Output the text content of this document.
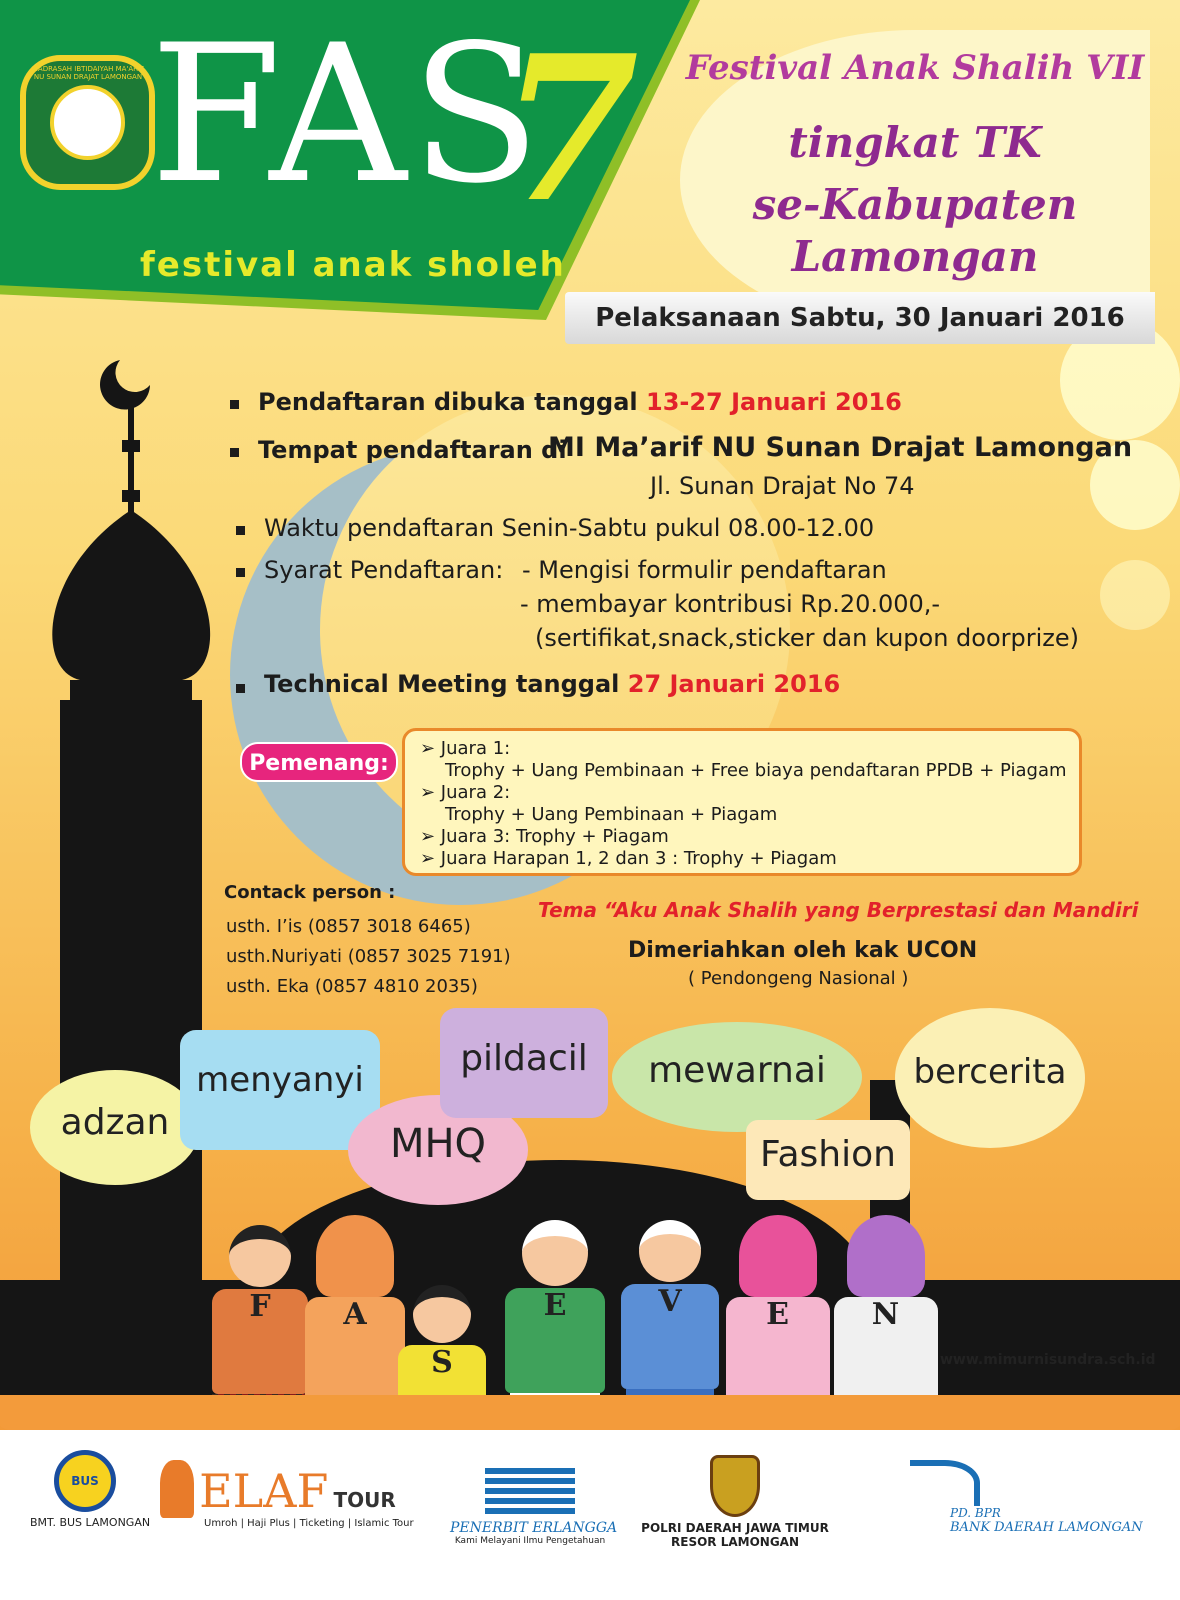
MADRASAH IBTIDAIYAH MA'ARIF NU SUNAN DRAJAT LAMONGAN FAS
7
festival anak sholeh
Festival Anak Shalih VII
tingkat TK
se-Kabupaten
Lamongan
Pelaksanaan Sabtu, 30 Januari 2016
Pendaftaran dibuka tanggal 13-27 Januari 2016
Tempat pendaftaran di
MI Ma’arif NU Sunan Drajat Lamongan
Jl. Sunan Drajat No 74
Waktu pendaftaran Senin-Sabtu pukul 08.00-12.00
Syarat Pendaftaran: - Mengisi formulir pendaftaran
- membayar kontribusi Rp.20.000,-
(sertifikat,snack,sticker dan kupon doorprize)
Technical Meeting tanggal 27 Januari 2016
Pemenang:
➢ Juara 1:
Trophy + Uang Pembinaan + Free biaya pendaftaran PPDB + Piagam
➢ Juara 2:
Trophy + Uang Pembinaan + Piagam
➢ Juara 3: Trophy + Piagam
➢ Juara Harapan 1, 2 dan 3 : Trophy + Piagam
Contack person :
usth. I’is (0857 3018 6465)
usth.Nuriyati (0857 3025 7191)
usth. Eka (0857 4810 2035)
Tema “Aku Anak Shalih yang Berprestasi dan Mandiri
Dimeriahkan oleh kak UCON
( Pendongeng Nasional )
adzan
menyanyi
MHQ
pildacil	mewarnai
Fashion
bercerita
F	A
S
E	V	E	N
www.mimurnisundra.sch.id
BUS
BMT. BUS LAMONGAN
ELAF TOUR
Umroh | Haji Plus | Ticketing | Islamic Tour	PENERBIT ERLANGGA
Kami Melayani Ilmu Pengetahuan
POLRI DAERAH JAWA TIMUR
RESOR LAMONGAN
PD. BPR
BANK DAERAH LAMONGAN
